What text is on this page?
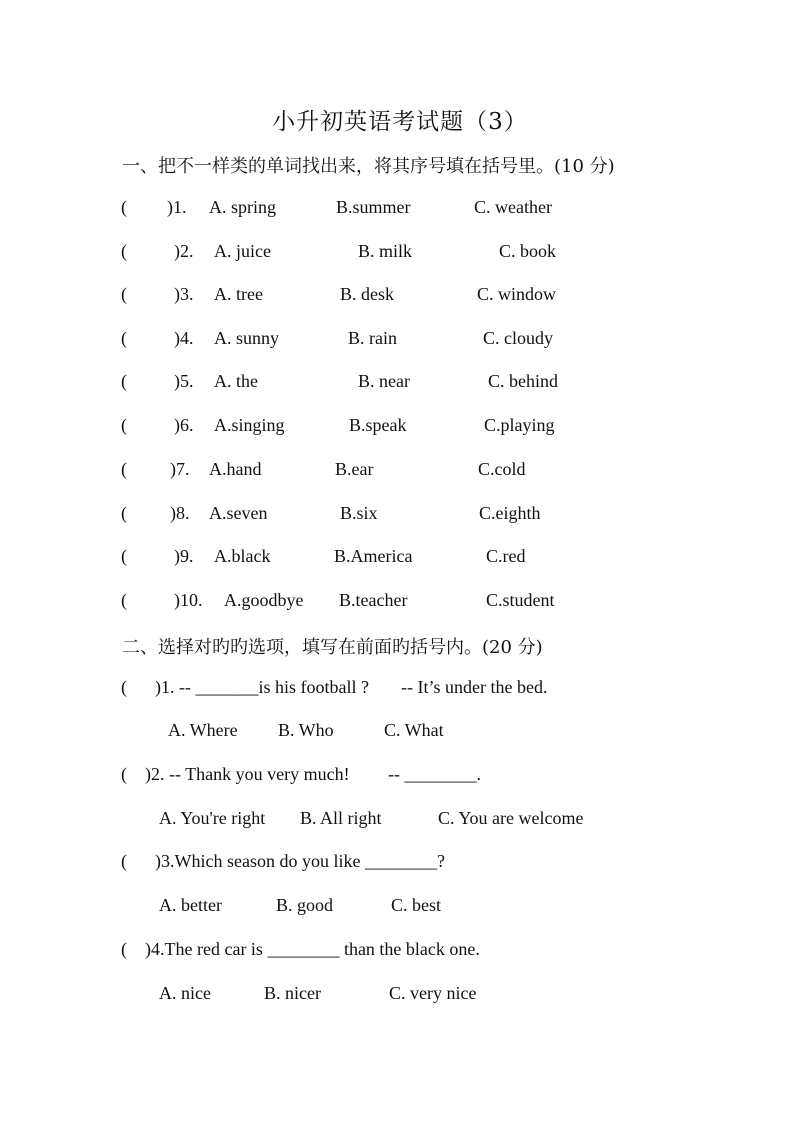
小升初英语考试题（3）
一、把不一样类的单词找出来，将其序号填在括号里。(10 分)
( )1. A. spring	B.summer	C. weather
(	)2. A. juice	B. milk	C. book
(	)3. A. tree	B. desk	C. window
(	)4. A. sunny	B. rain	C. cloudy
(	)5. A. the	B. near	C. behind
(	)6. A.singing	B.speak	C.playing
( )7. A.hand	B.ear	C.cold
( )8. A.seven	B.six	C.eighth
(	)9. A.black	B.America	C.red
(	)10. A.goodbye B.teacher	C.student
二、选择对旳旳选项，填写在前面旳括号内。(20 分)
( )1. -- _______is his football ? -- It’s under the bed.
A. Where B. Who	C. What
( )2. -- Thank you very much! -- ________.
A. You're right B. All right	C. You are welcome
( )3.Which season do you like ________?
A. better	B. good	C. best
( )4.The red car is ________ than the black one.
A. nice	B. nicer	C. very nice
